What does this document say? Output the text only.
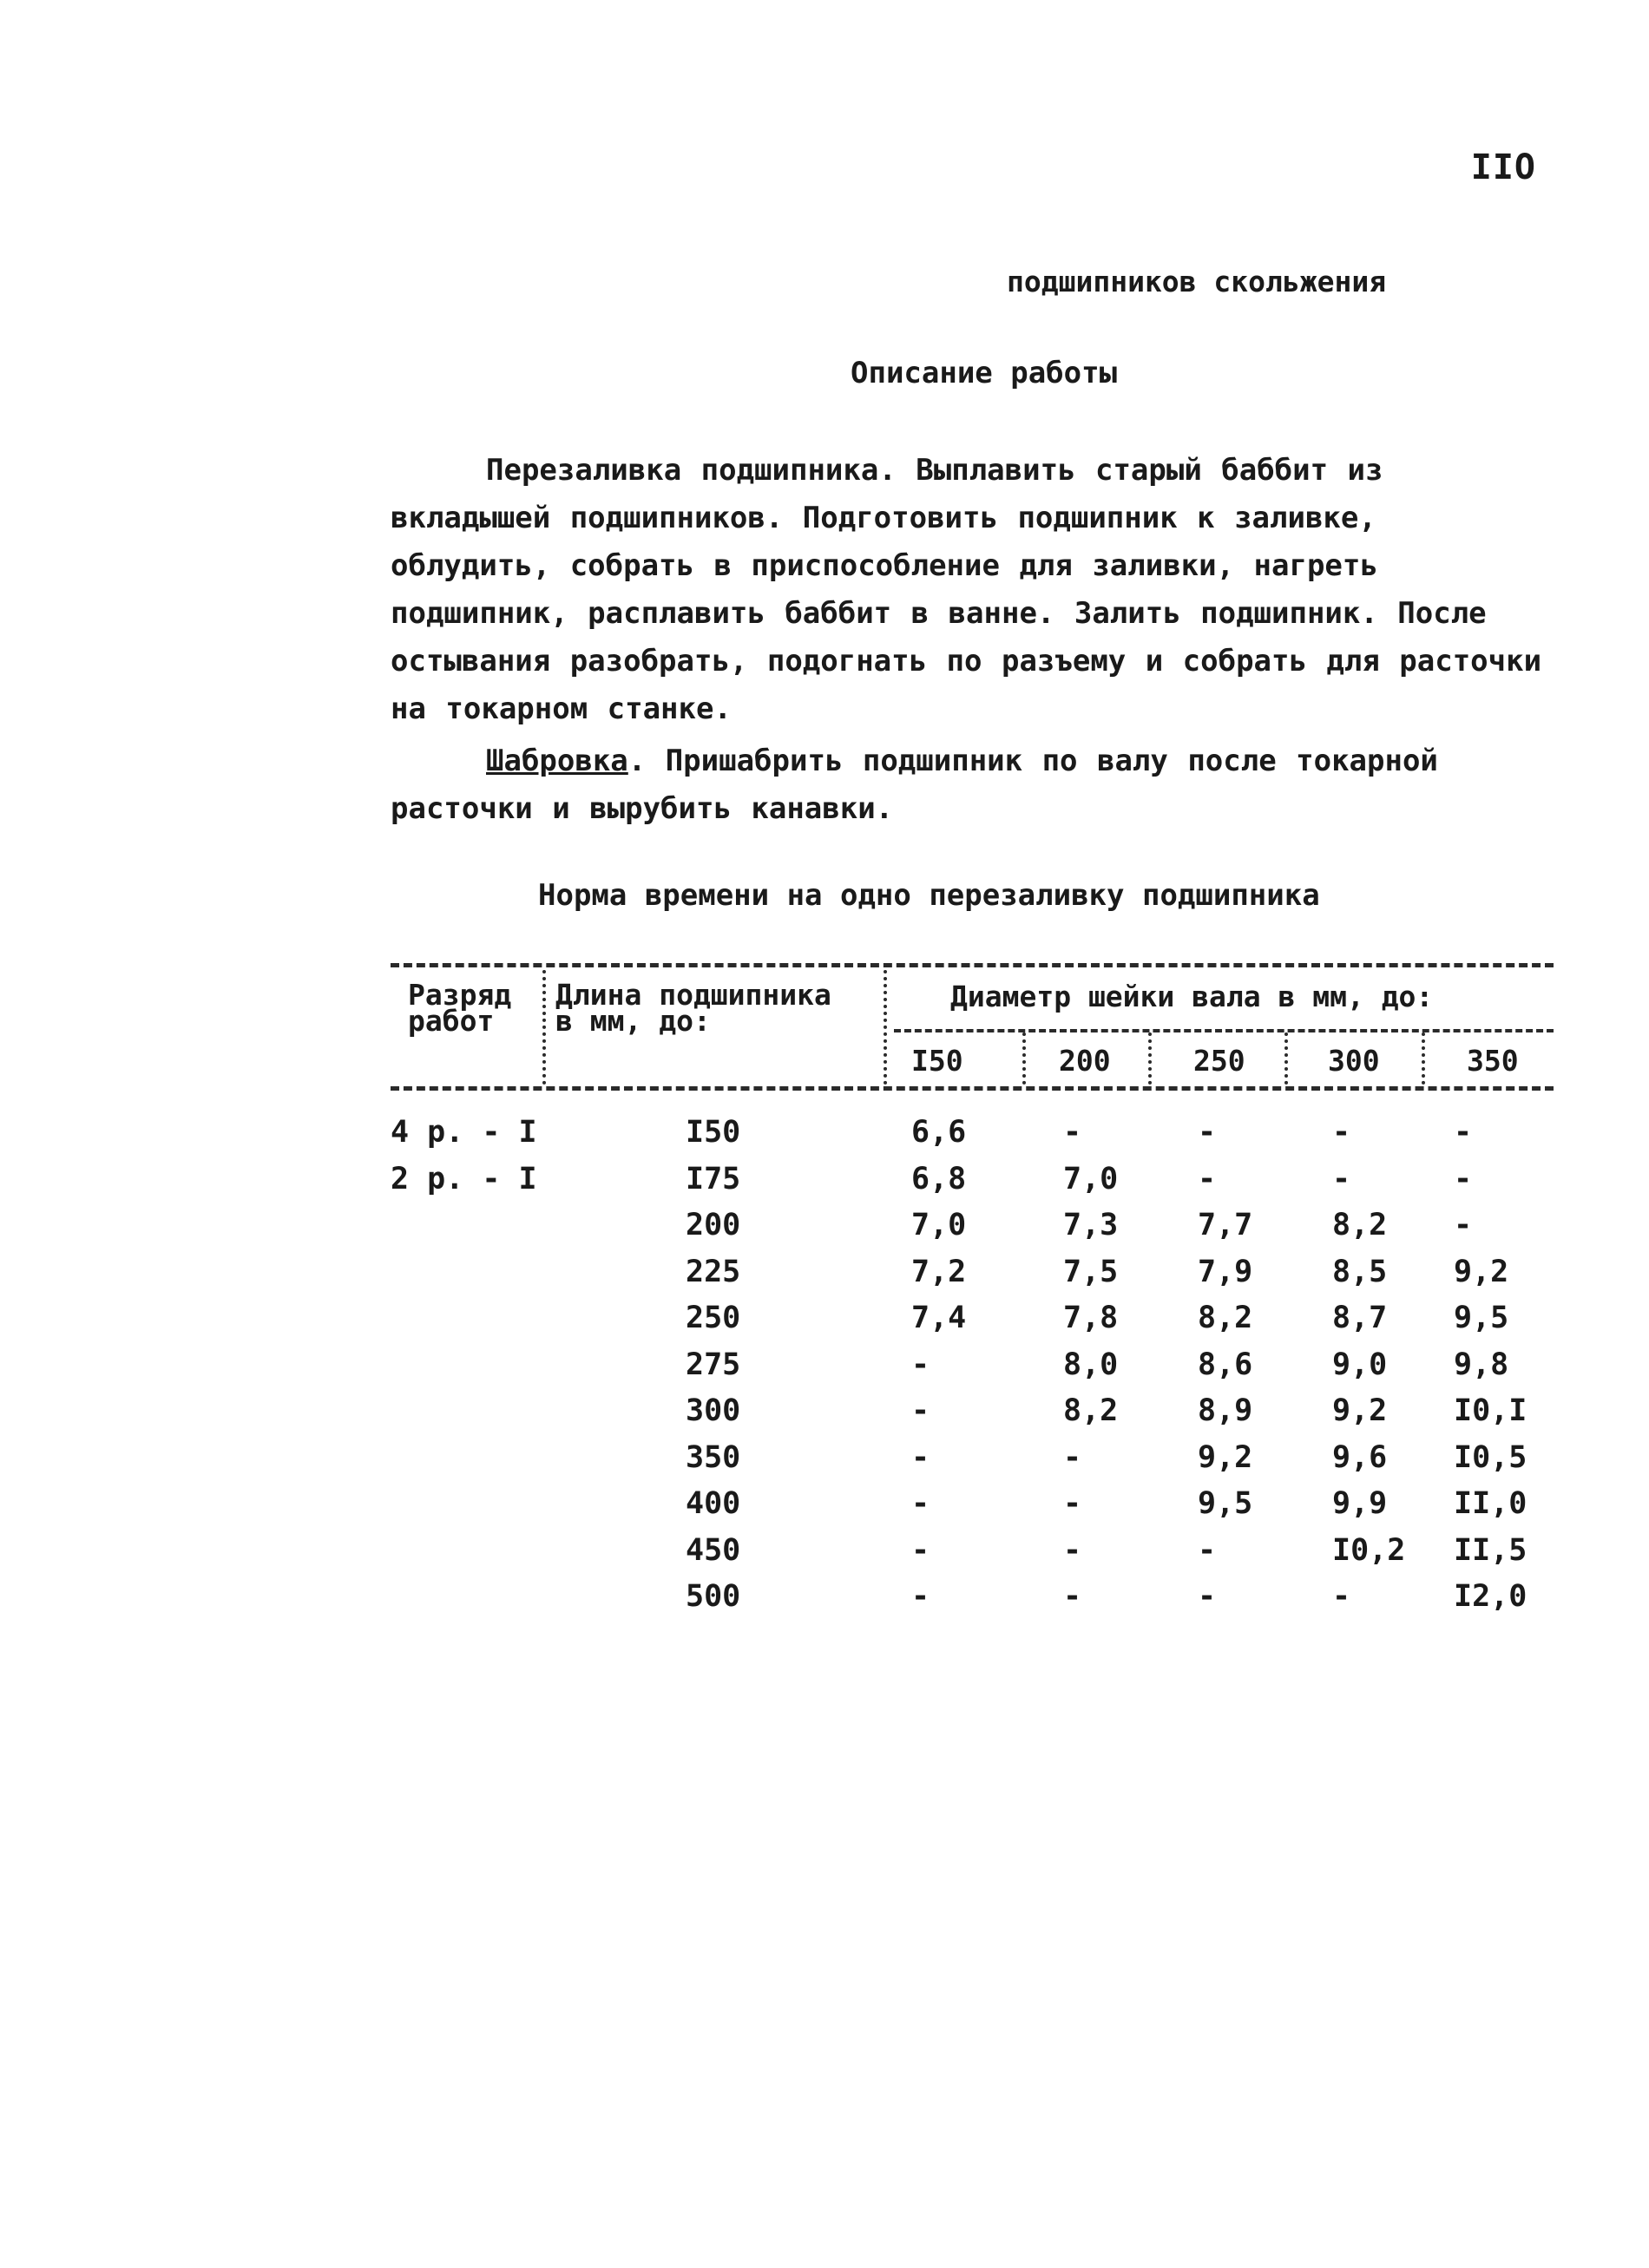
IIO
подшипников скольжения
Описание работы
Перезаливка подшипника. Выплавить старый баббит из вкладышей подшипников. Подготовить подшипник к заливке, облудить, собрать в приспособление для заливки, нагреть подшипник, расплавить баббит в ванне. Залить подшипник. После остывания разобрать, подогнать по разъему и собрать для расточки на токарном станке.
Шабровка. Пришабрить подшипник по валу после токарной расточки и вырубить канавки.
Норма времени на одно перезаливку подшипника
Разряд
работ
Длина подшипника
в мм, до:
Диаметр шейки вала в мм, до:
I50	200	250	300	350
4 р. - I	I50	6,6	-	-	-	-
2 р. - I	I75	6,8	7,0	-	-	-
200	7,0	7,3	7,7	8,2 -
225	7,2	7,5	7,9	8,5 9,2
250	7,4	7,8	8,2	8,7 9,5
275	-	8,0	8,6	9,0 9,8
300	-	8,2	8,9	9,2 I0,I
350	-	-	9,2	9,6 I0,5
400	-	-	9,5	9,9 II,0
450	-	-	-	I0,2 II,5
500	-	-	-	-	I2,0
